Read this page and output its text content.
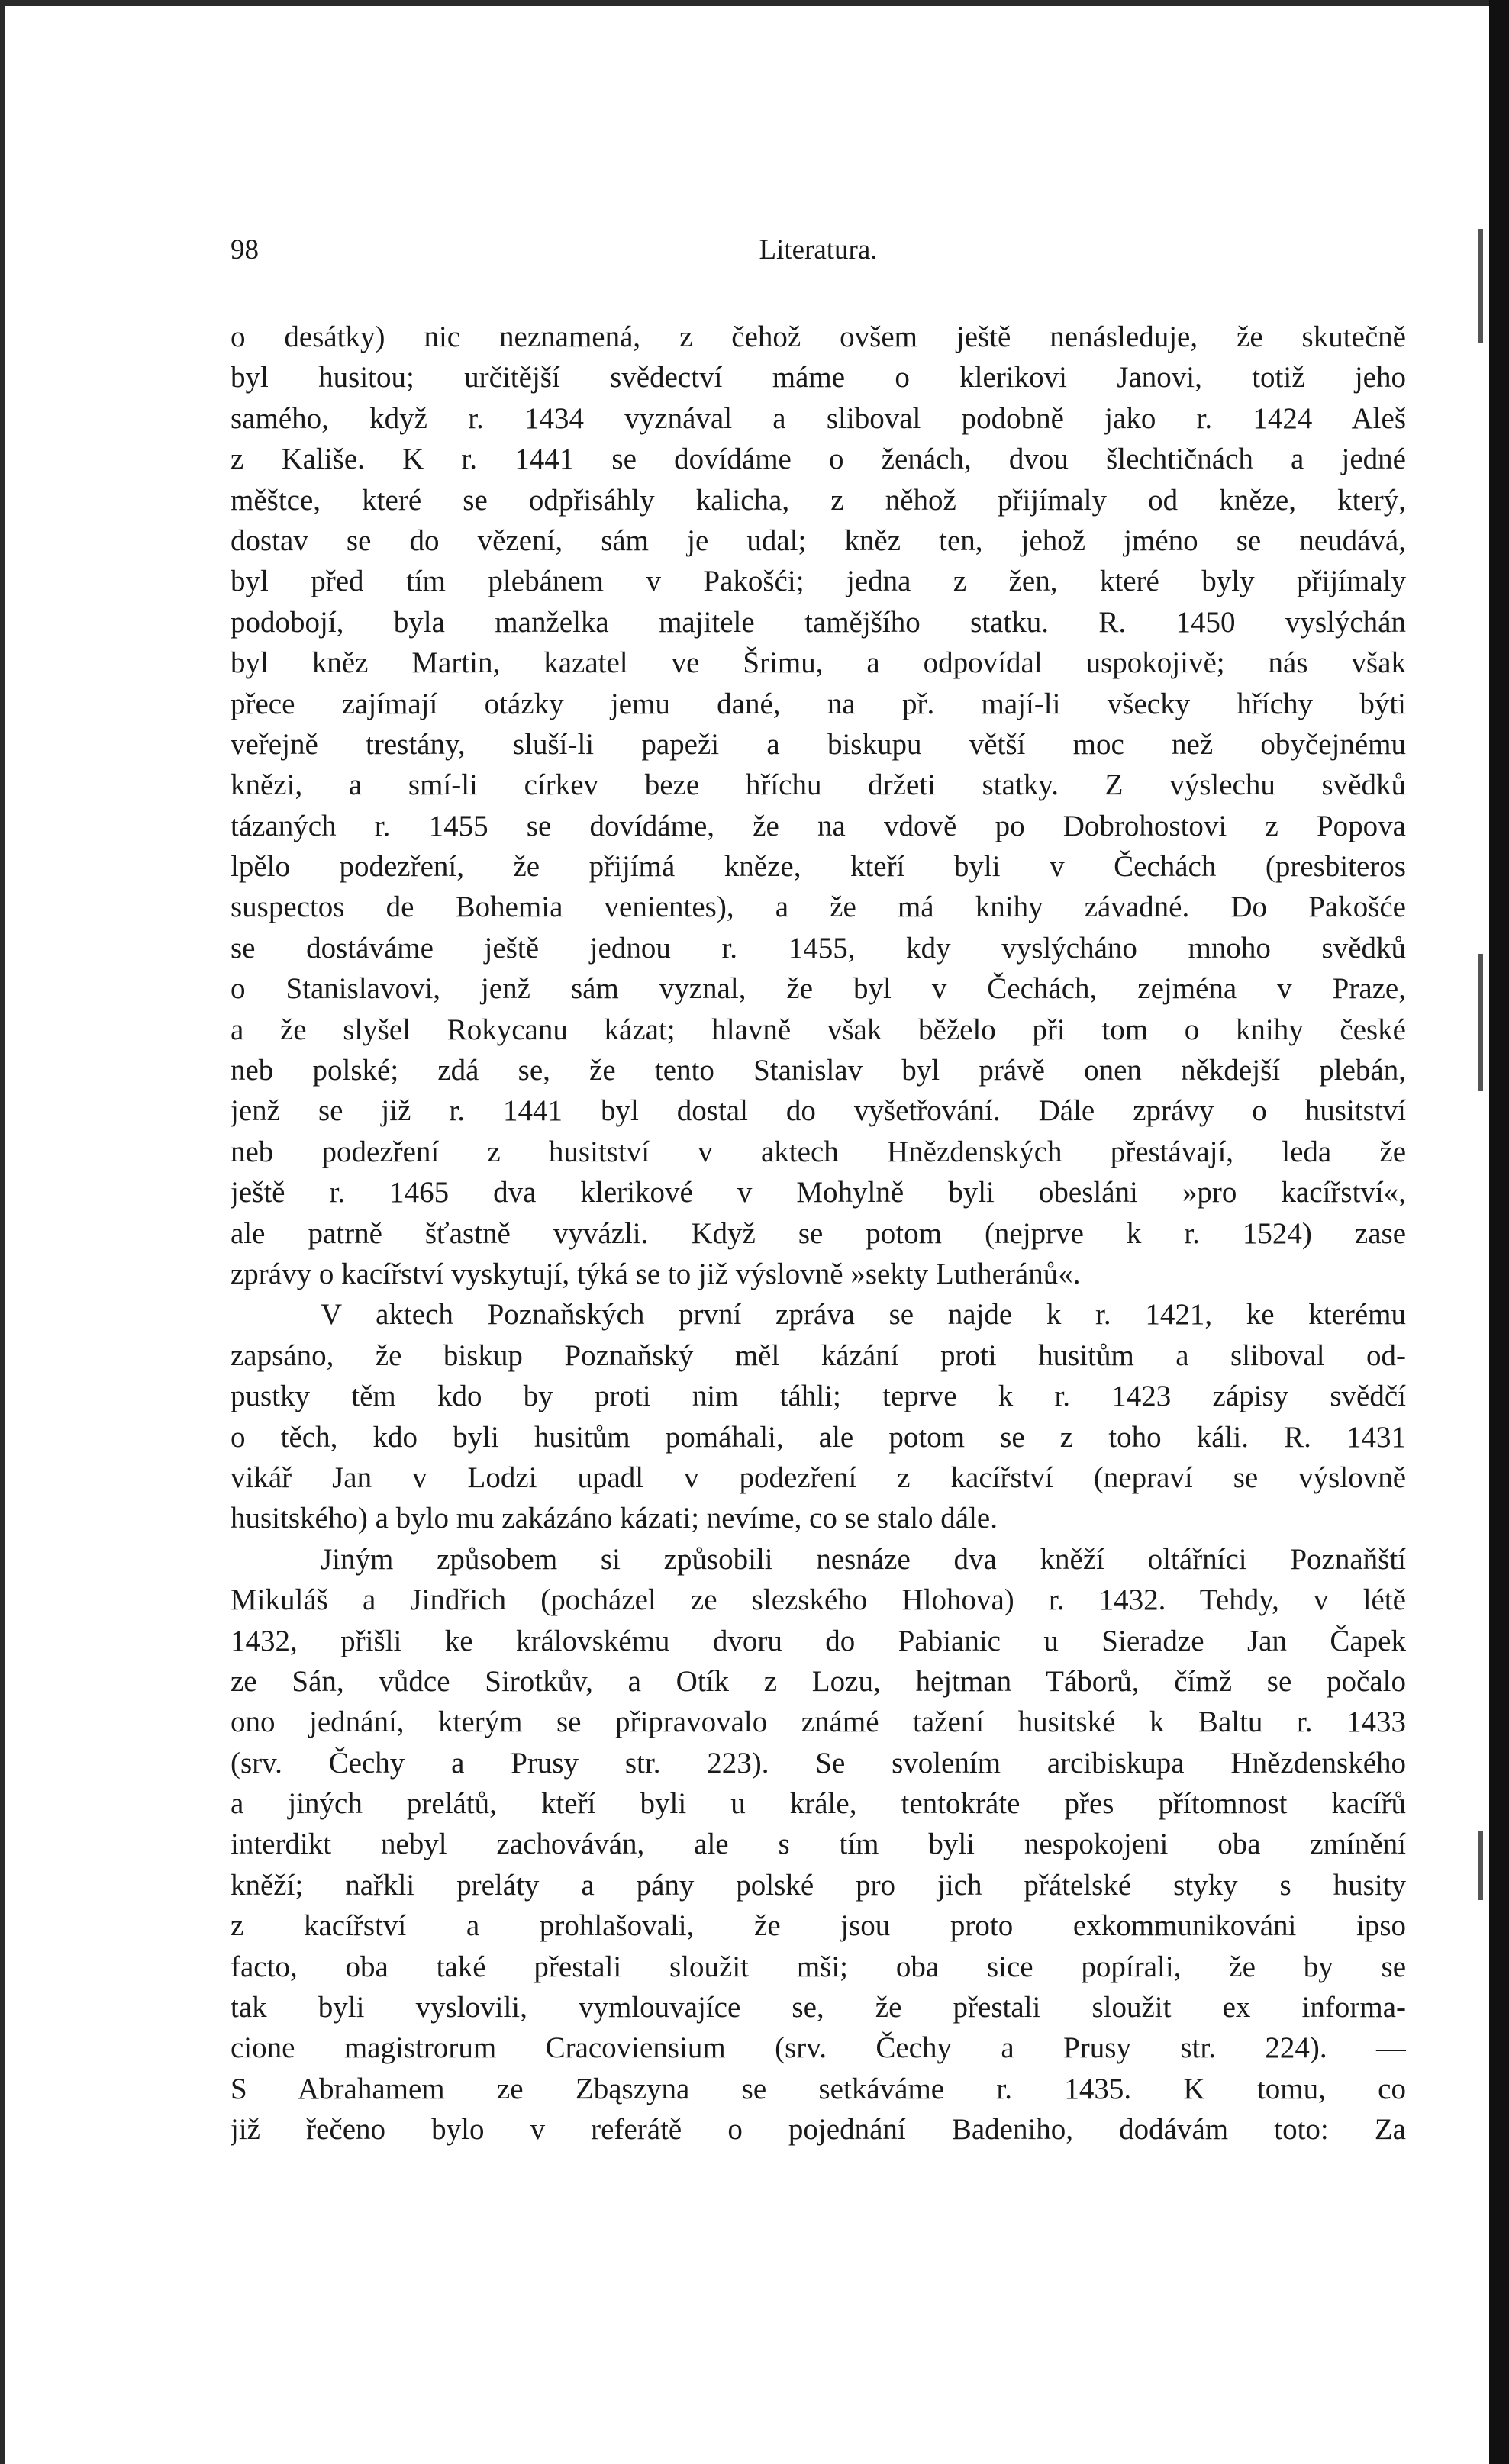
98	Literatura.
o desátky) nic neznamená, z čehož ovšem ještě nenásleduje, že skutečně
byl husitou; určitější svědectví máme o klerikovi Janovi, totiž jeho
samého, když r. 1434 vyznával a sliboval podobně jako r. 1424 Aleš
z Kališe. K r. 1441 se dovídáme o ženách, dvou šlechtičnách a jedné
měštce, které se odpřisáhly kalicha, z něhož přijímaly od kněze, který,
dostav se do vězení, sám je udal; kněz ten, jehož jméno se neudává,
byl před tím plebánem v Pakošći; jedna z žen, které byly přijímaly
podobojí, byla manželka majitele tamějšího statku. R. 1450 vyslýchán
byl kněz Martin, kazatel ve Šrimu, a odpovídal uspokojivě; nás však
přece zajímají otázky jemu dané, na př. mají-li všecky hříchy býti
veřejně trestány, sluší-li papeži a biskupu větší moc než obyčejnému
knězi, a smí-li církev beze hříchu držeti statky. Z výslechu svědků
tázaných r. 1455 se dovídáme, že na vdově po Dobrohostovi z Popova
lpělo podezření, že přijímá kněze, kteří byli v Čechách (presbiteros
suspectos de Bohemia venientes), a že má knihy závadné. Do Pakošće
se dostáváme ještě jednou r. 1455, kdy vyslýcháno mnoho svědků
o Stanislavovi, jenž sám vyznal, že byl v Čechách, zejména v Praze,
a že slyšel Rokycanu kázat; hlavně však běželo při tom o knihy české
neb polské; zdá se, že tento Stanislav byl právě onen někdejší plebán,
jenž se již r. 1441 byl dostal do vyšetřování. Dále zprávy o husitství
neb podezření z husitství v aktech Hnězdenských přestávají, leda že
ještě r. 1465 dva klerikové v Mohylně byli obesláni »pro kacířství«,
ale patrně šťastně vyvázli. Když se potom (nejprve k r. 1524) zase
zprávy o kacířství vyskytují, týká se to již výslovně »sekty Lutheránů«.
V aktech Poznaňských první zpráva se najde k r. 1421, ke kterému
zapsáno, že biskup Poznaňský měl kázání proti husitům a sliboval od-
pustky těm kdo by proti nim táhli; teprve k r. 1423 zápisy svědčí
o těch, kdo byli husitům pomáhali, ale potom se z toho káli. R. 1431
vikář Jan v Lodzi upadl v podezření z kacířství (nepraví se výslovně
husitského) a bylo mu zakázáno kázati; nevíme, co se stalo dále.
Jiným způsobem si způsobili nesnáze dva kněží oltářníci Poznaňští
Mikuláš a Jindřich (pocházel ze slezského Hlohova) r. 1432. Tehdy, v létě
1432, přišli ke královskému dvoru do Pabianic u Sieradze Jan Čapek
ze Sán, vůdce Sirotkův, a Otík z Lozu, hejtman Táborů, čímž se počalo
ono jednání, kterým se připravovalo známé tažení husitské k Baltu r. 1433
(srv. Čechy a Prusy str. 223). Se svolením arcibiskupa Hnězdenského
a jiných prelátů, kteří byli u krále, tentokráte přes přítomnost kacířů
interdikt nebyl zachováván, ale s tím byli nespokojeni oba zmínění
kněží; nařkli preláty a pány polské pro jich přátelské styky s husity
z kacířství a prohlašovali, že jsou proto exkommunikováni ipso
facto, oba také přestali sloužit mši; oba sice popírali, že by se
tak byli vyslovili, vymlouvajíce se, že přestali sloužit ex informa-
cione magistrorum Cracoviensium (srv. Čechy a Prusy str. 224). —
S Abrahamem ze Zbąszyna se setkáváme r. 1435. K tomu, co
již řečeno bylo v referátě o pojednání Badeniho, dodávám toto: Za
